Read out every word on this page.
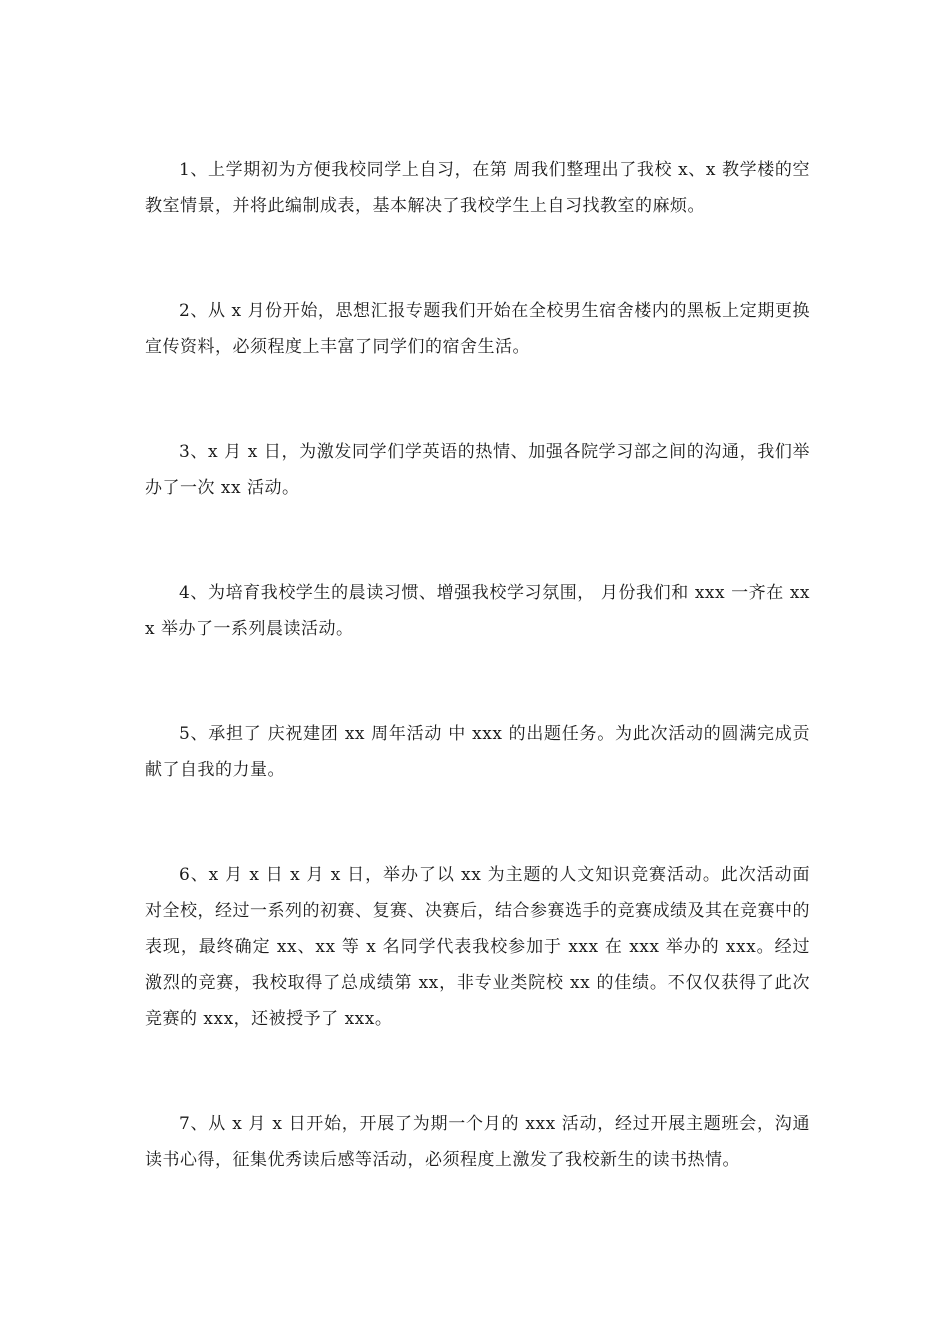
1、上学期初为方便我校同学上自习，在第 周我们整理出了我校 x、x 教学楼的空教室情景，并将此编制成表，基本解决了我校学生上自习找教室的麻烦。

2、从 x 月份开始，思想汇报专题我们开始在全校男生宿舍楼内的黑板上定期更换宣传资料，必须程度上丰富了同学们的宿舍生活。

3、x 月 x 日，为激发同学们学英语的热情、加强各院学习部之间的沟通，我们举办了一次 xx 活动。

4、为培育我校学生的晨读习惯、增强我校学习氛围， 月份我们和 xxx 一齐在 xxx 举办了一系列晨读活动。

5、承担了 庆祝建团 xx 周年活动 中 xxx 的出题任务。为此次活动的圆满完成贡献了自我的力量。

6、x 月 x 日 x 月 x 日，举办了以 xx 为主题的人文知识竞赛活动。此次活动面对全校，经过一系列的初赛、复赛、决赛后，结合参赛选手的竞赛成绩及其在竞赛中的表现，最终确定 xx、xx 等 x 名同学代表我校参加于 xxx 在 xxx 举办的 xxx。经过激烈的竞赛，我校取得了总成绩第 xx，非专业类院校 xx 的佳绩。不仅仅获得了此次竞赛的 xxx，还被授予了 xxx。

7、从 x 月 x 日开始，开展了为期一个月的 xxx 活动，经过开展主题班会，沟通读书心得，征集优秀读后感等活动，必须程度上激发了我校新生的读书热情。
